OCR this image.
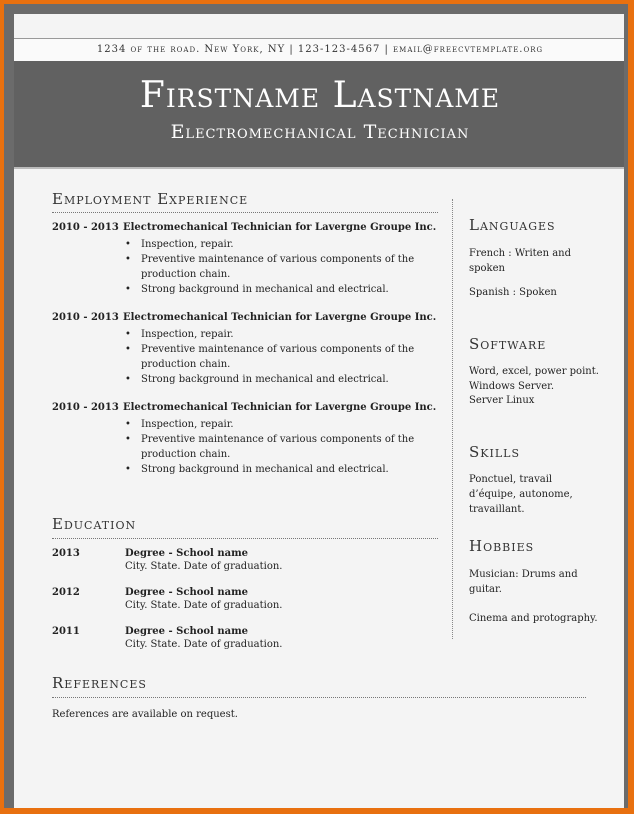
1234 of the road. New York, NY | 123-123-4567 | email@freecvtemplate.org
Firstname Lastname
Electromechanical Technician
Employment Experience
2010 - 2013 Electromechanical Technician for Lavergne Groupe Inc.
• Inspection, repair.
• Preventive maintenance of various components of the production chain.
• Strong background in mechanical and electrical.
2010 - 2013 Electromechanical Technician for Lavergne Groupe Inc.
• Inspection, repair.
• Preventive maintenance of various components of the production chain.
• Strong background in mechanical and electrical.
2010 - 2013 Electromechanical Technician for Lavergne Groupe Inc.
• Inspection, repair.
• Preventive maintenance of various components of the production chain.
• Strong background in mechanical and electrical.
Education
2013	Degree - School name
City. State. Date of graduation.
2012	Degree - School name
City. State. Date of graduation.
2011	Degree - School name
City. State. Date of graduation.
References
References are available on request.
Languages
French : Writen and spoken
Spanish : Spoken
Software
Word, excel, power point.
Windows Server.
Server Linux
Skills
Ponctuel, travail d’équipe, autonome, travaillant.
Hobbies
Musician: Drums and guitar.
Cinema and protography.
